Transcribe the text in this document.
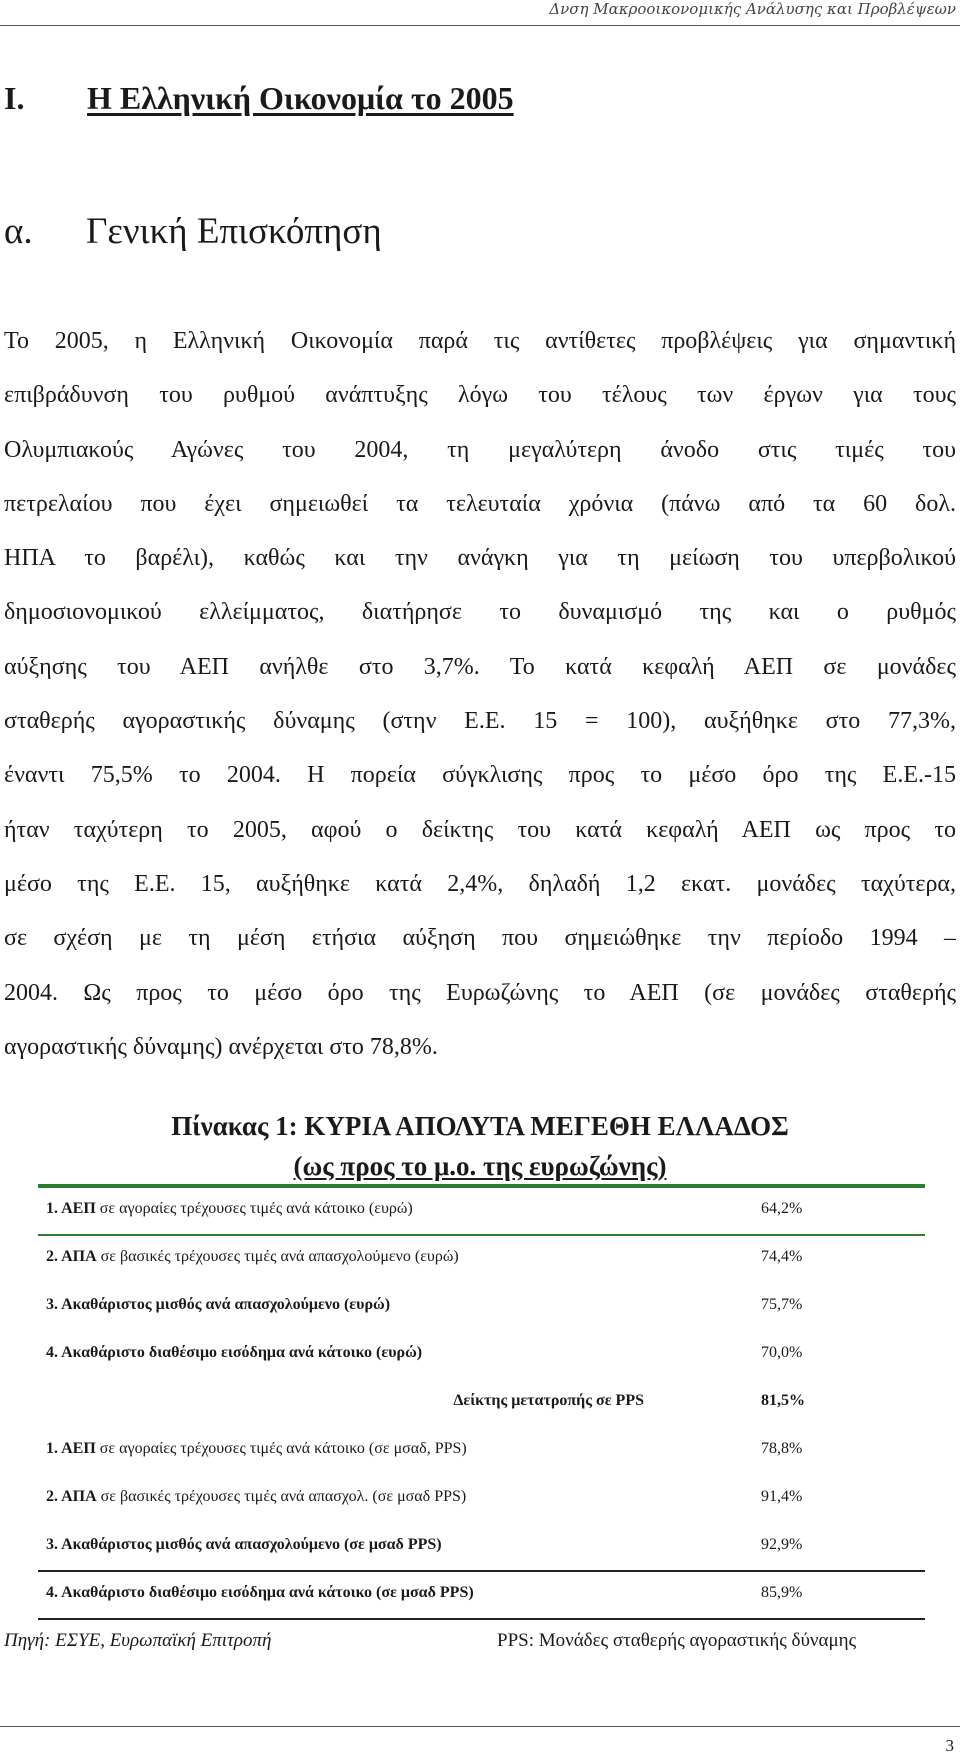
Δνση Μακροοικονομικής Ανάλυσης και Προβλέψεων
I. Η Ελληνική Οικονομία το 2005
α. Γενική Επισκόπηση
Το 2005, η Ελληνική Οικονομία παρά τις αντίθετες προβλέψεις για σημαντική
επιβράδυνση του ρυθμού ανάπτυξης λόγω του τέλους των έργων για τους
Ολυμπιακούς Αγώνες του 2004, τη μεγαλύτερη άνοδο στις τιμές του
πετρελαίου που έχει σημειωθεί τα τελευταία χρόνια (πάνω από τα 60 δολ.
ΗΠΑ το βαρέλι), καθώς και την ανάγκη για τη μείωση του υπερβολικού
δημοσιονομικού ελλείμματος, διατήρησε το δυναμισμό της και ο ρυθμός
αύξησης του ΑΕΠ ανήλθε στο 3,7%. Το κατά κεφαλή ΑΕΠ σε μονάδες
σταθερής αγοραστικής δύναμης (στην Ε.Ε. 15 = 100), αυξήθηκε στο 77,3%,
έναντι 75,5% το 2004. Η πορεία σύγκλισης προς το μέσο όρο της Ε.Ε.-15
ήταν ταχύτερη το 2005, αφού ο δείκτης του κατά κεφαλή ΑΕΠ ως προς το
μέσο της Ε.Ε. 15, αυξήθηκε κατά 2,4%, δηλαδή 1,2 εκατ. μονάδες ταχύτερα,
σε σχέση με τη μέση ετήσια αύξηση που σημειώθηκε την περίοδο 1994 –
2004. Ως προς το μέσο όρο της Ευρωζώνης το ΑΕΠ (σε μονάδες σταθερής
αγοραστικής δύναμης) ανέρχεται στο 78,8%.
Πίνακας 1: ΚΥΡΙΑ ΑΠΟΛΥΤΑ ΜΕΓΕΘΗ ΕΛΛΑΔΟΣ
(ως προς το μ.ο. της ευρωζώνης)
1. ΑΕΠ σε αγοραίες τρέχουσες τιμές ανά κάτοικο (ευρώ)	64,2%
2. ΑΠΑ σε βασικές τρέχουσες τιμές ανά απασχολούμενο (ευρώ)	74,4%
3. Ακαθάριστος μισθός ανά απασχολούμενο (ευρώ)	75,7%
4. Ακαθάριστο διαθέσιμο εισόδημα ανά κάτοικο (ευρώ)	70,0%
Δείκτης μετατροπής σε PPS	81,5%
1. ΑΕΠ σε αγοραίες τρέχουσες τιμές ανά κάτοικο (σε μσαδ, PPS)	78,8%
2. ΑΠΑ σε βασικές τρέχουσες τιμές ανά απασχολ. (σε μσαδ PPS)	91,4%
3. Ακαθάριστος μισθός ανά απασχολούμενο (σε μσαδ PPS)	92,9%
4. Ακαθάριστο διαθέσιμο εισόδημα ανά κάτοικο (σε μσαδ PPS)	85,9%
Πηγή: ΕΣΥΕ, Ευρωπαϊκή Επιτροπή	PPS: Μονάδες σταθερής αγοραστικής δύναμης
3
